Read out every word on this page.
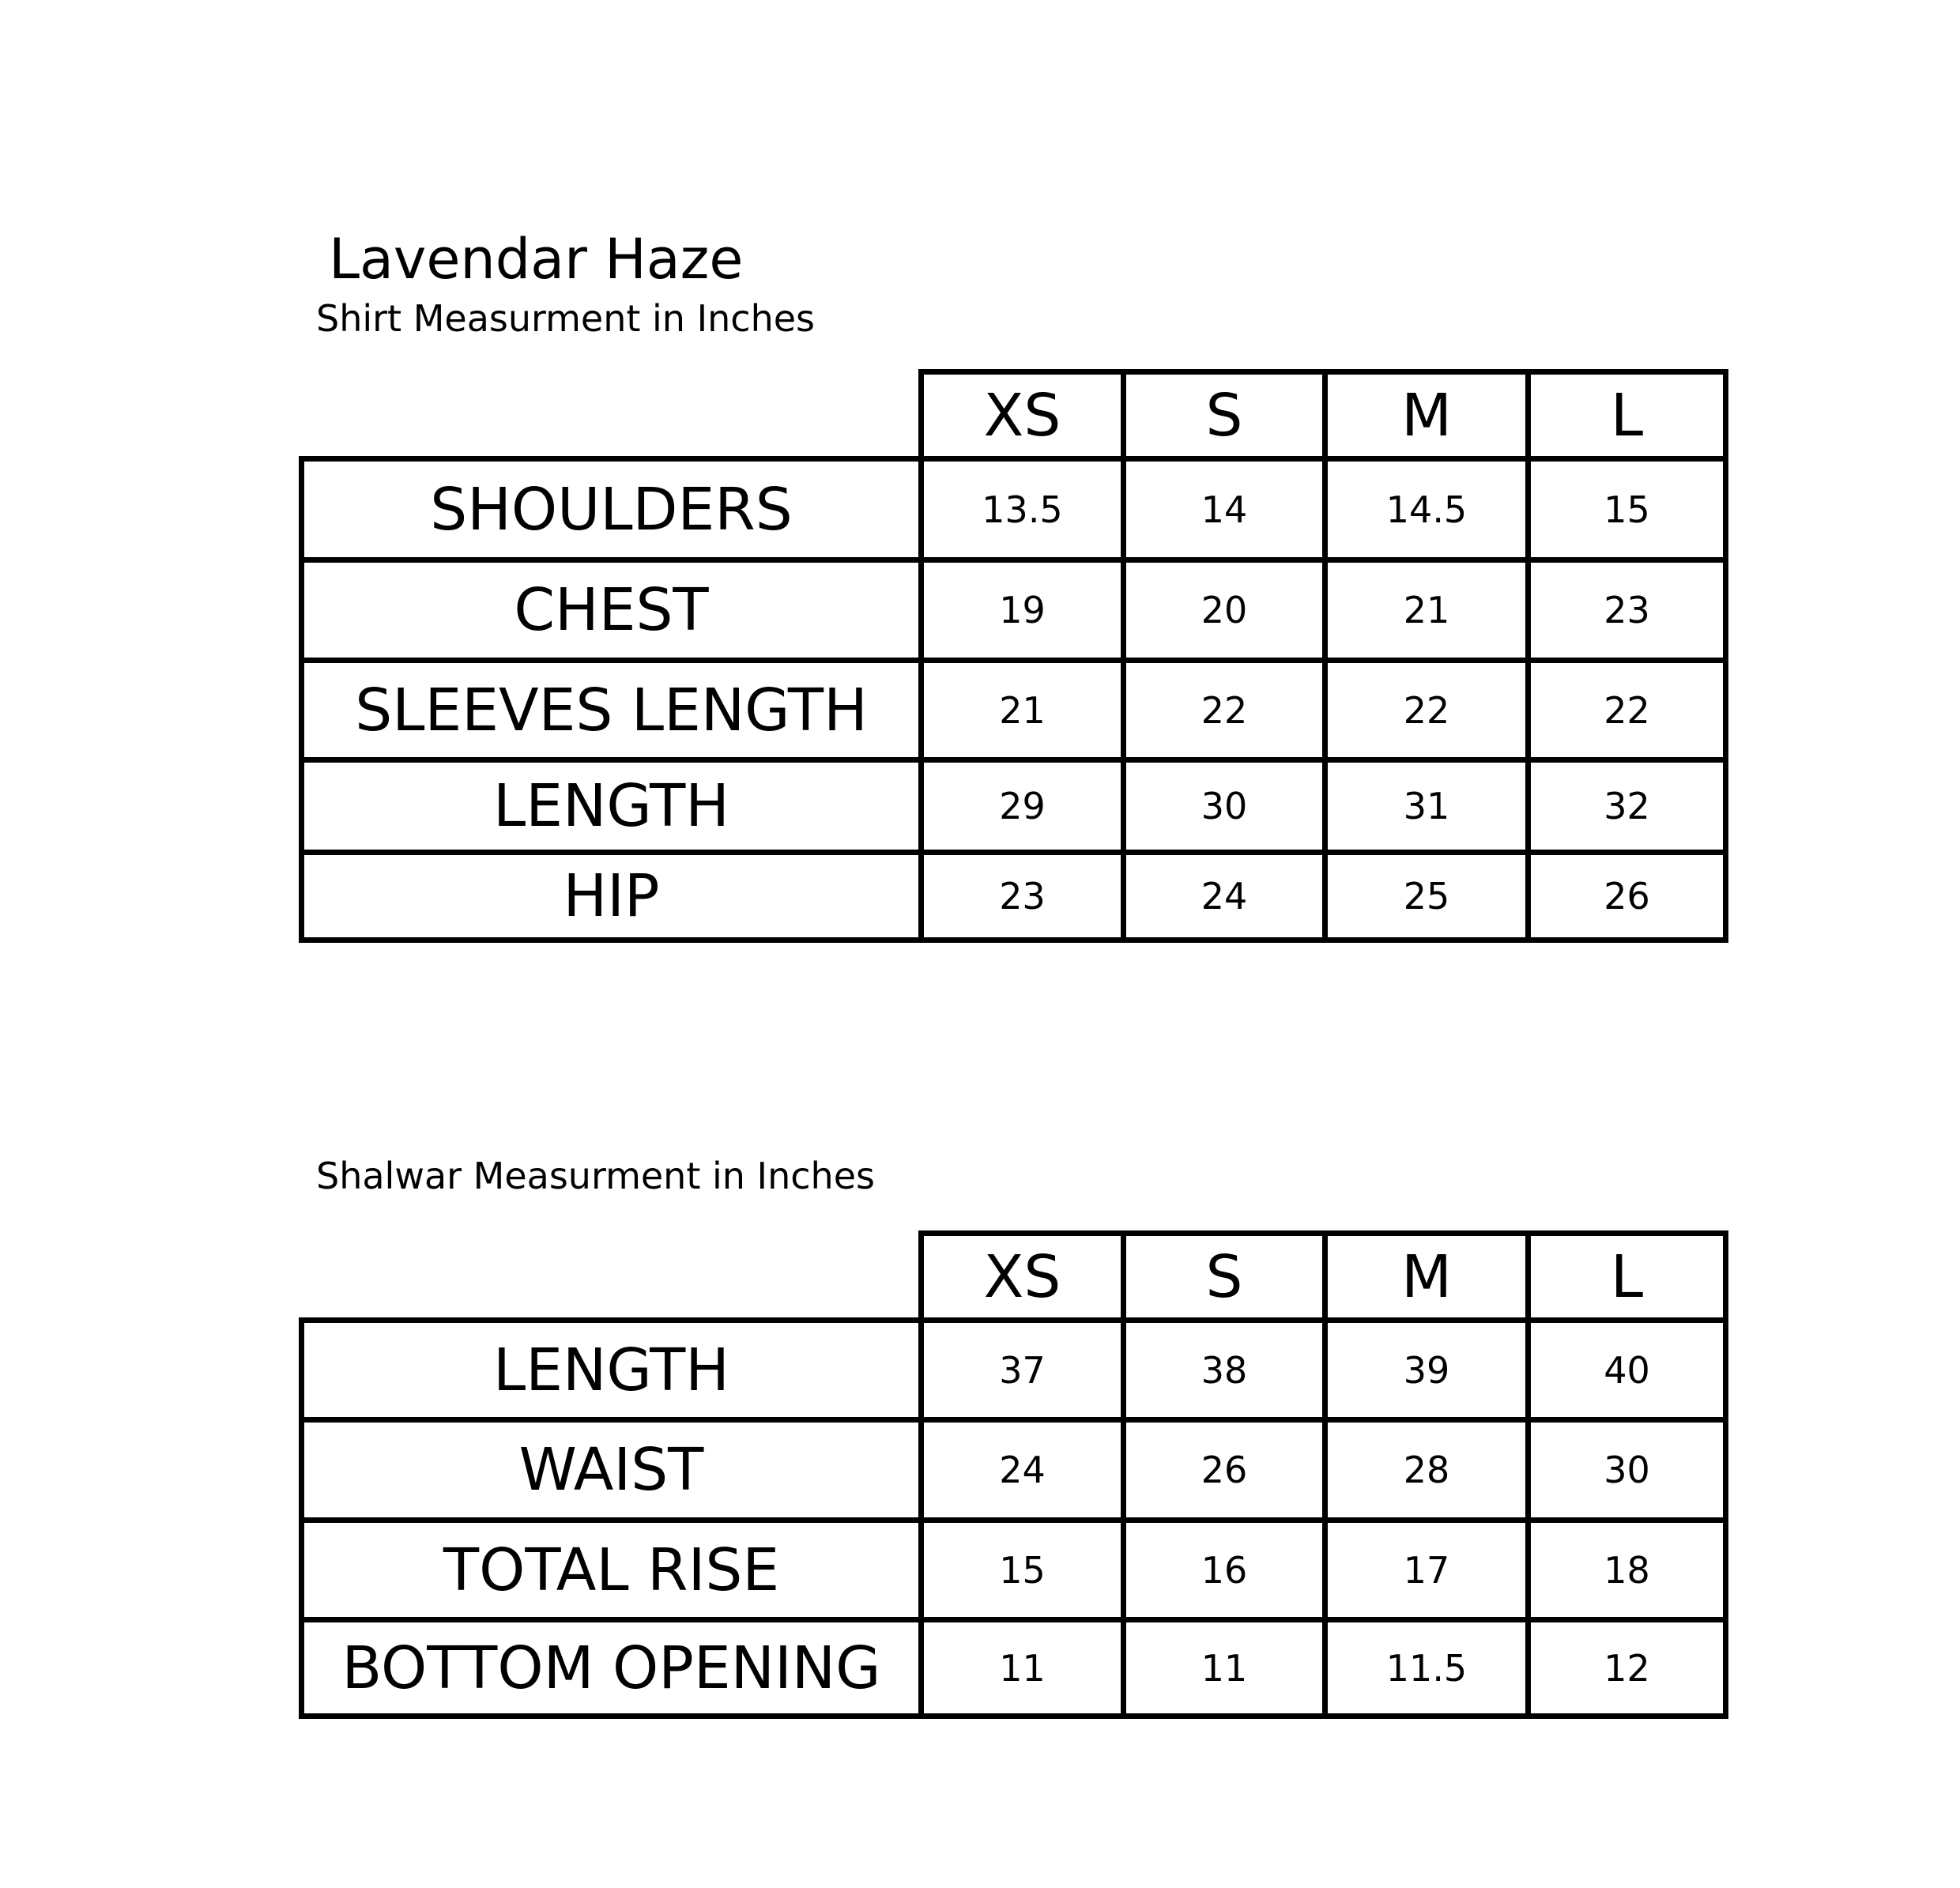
Lavendar Haze
Shirt Measurment in Inches
Shalwar Measurment in Inches
XS	S	M	L
SHOULDERS	13.5	14	14.5	15
CHEST	19	20	21	23
SLEEVES LENGTH	21	22	22	22
LENGTH	29	30	31	32
HIP	23	24	25	26
XS	S	M	L
LENGTH	37	38	39	40
WAIST	24	26	28	30
TOTAL RISE	15	16	17	18
BOTTOM OPENING	11	11	11.5	12
